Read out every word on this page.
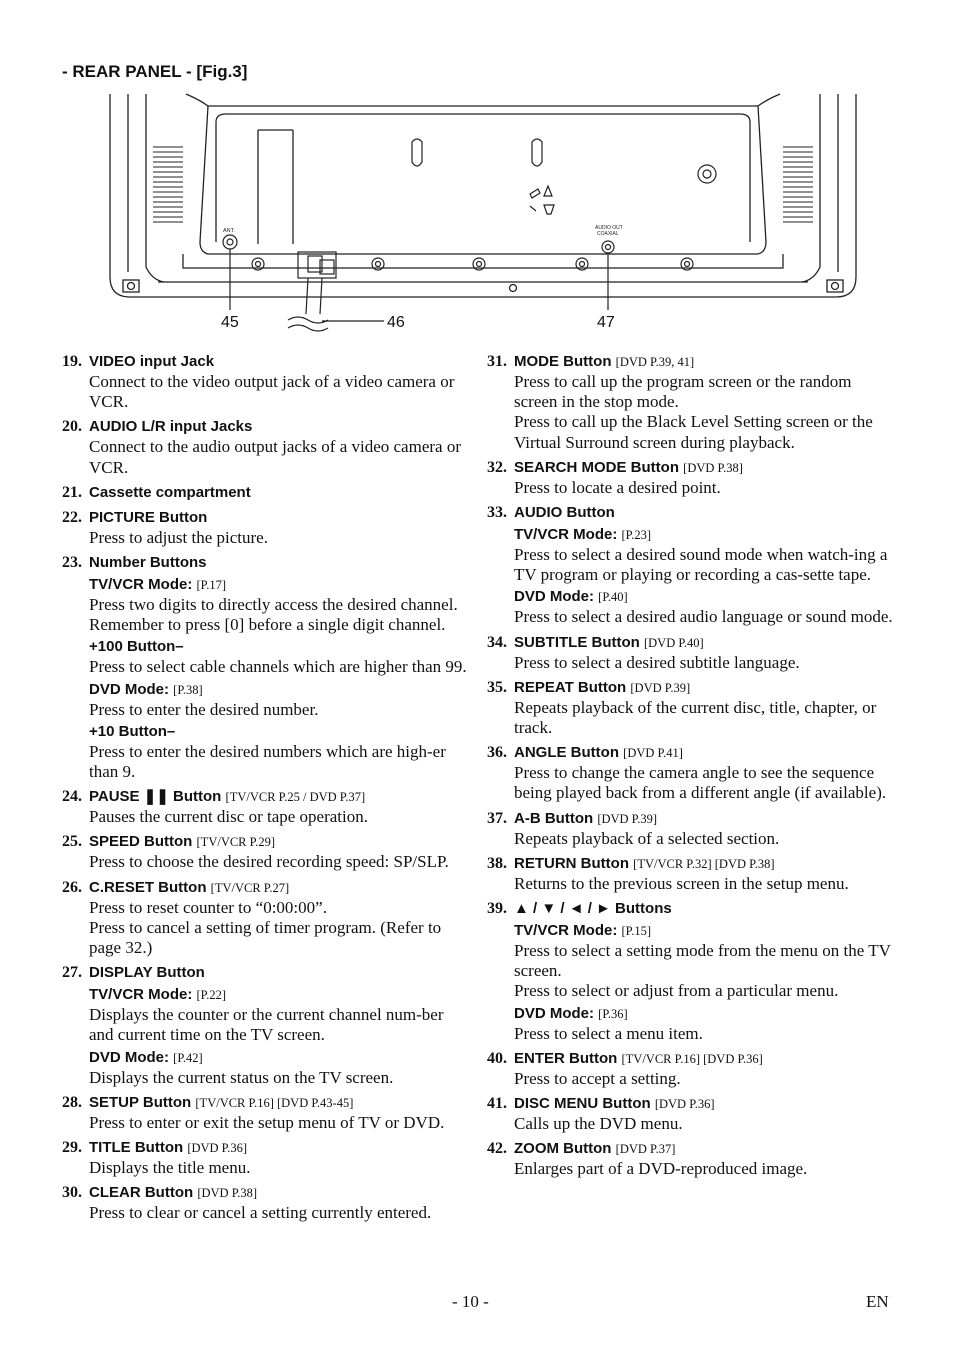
- REAR PANEL - [Fig.3]
ANT.	AUDIO OUT
COAXIAL
45	46	47
19. VIDEO input Jack
Connect to the video output jack of a video camera or VCR.
20. AUDIO L/R input Jacks
Connect to the audio output jacks of a video camera or VCR.
21. Cassette compartment
22. PICTURE Button
Press to adjust the picture.
23. Number Buttons
TV/VCR Mode: [P.17]
Press two digits to directly access the desired channel.
Remember to press [0] before a single digit channel.
+100 Button–
Press to select cable channels which are higher than 99.
DVD Mode: [P.38]
Press to enter the desired number.
+10 Button–
Press to enter the desired numbers which are high-er than 9.
24. PAUSE ❚❚ Button [TV/VCR P.25 / DVD P.37]
Pauses the current disc or tape operation.
25. SPEED Button [TV/VCR P.29]
Press to choose the desired recording speed: SP/SLP.
26. C.RESET Button [TV/VCR P.27]
Press to reset counter to “0:00:00”.
Press to cancel a setting of timer program. (Refer to page 32.)
27. DISPLAY Button
TV/VCR Mode: [P.22]
Displays the counter or the current channel num-ber and current time on the TV screen.
DVD Mode: [P.42]
Displays the current status on the TV screen.
28. SETUP Button [TV/VCR P.16] [DVD P.43-45]
Press to enter or exit the setup menu of TV or DVD.
29. TITLE Button [DVD P.36]
Displays the title menu.
30. CLEAR Button [DVD P.38]
Press to clear or cancel a setting currently entered.
31. MODE Button [DVD P.39, 41]
Press to call up the program screen or the random screen in the stop mode.
Press to call up the Black Level Setting screen or the Virtual Surround screen during playback.
32. SEARCH MODE Button [DVD P.38]
Press to locate a desired point.
33. AUDIO Button
TV/VCR Mode: [P.23]
Press to select a desired sound mode when watch-ing a TV program or playing or recording a cas-sette tape.
DVD Mode: [P.40]
Press to select a desired audio language or sound mode.
34. SUBTITLE Button [DVD P.40]
Press to select a desired subtitle language.
35. REPEAT Button [DVD P.39]
Repeats playback of the current disc, title, chapter, or track.
36. ANGLE Button [DVD P.41]
Press to change the camera angle to see the sequence being played back from a different angle (if available).
37. A-B Button [DVD P.39]
Repeats playback of a selected section.
38. RETURN Button [TV/VCR P.32] [DVD P.38]
Returns to the previous screen in the setup menu.
39. ▲ / ▼ / ◄ / ► Buttons
TV/VCR Mode: [P.15]
Press to select a setting mode from the menu on the TV screen.
Press to select or adjust from a particular menu.
DVD Mode: [P.36]
Press to select a menu item.
40. ENTER Button [TV/VCR P.16] [DVD P.36]
Press to accept a setting.
41. DISC MENU Button [DVD P.36]
Calls up the DVD menu.
42. ZOOM Button [DVD P.37]
Enlarges part of a DVD-reproduced image.
- 10 -	EN
